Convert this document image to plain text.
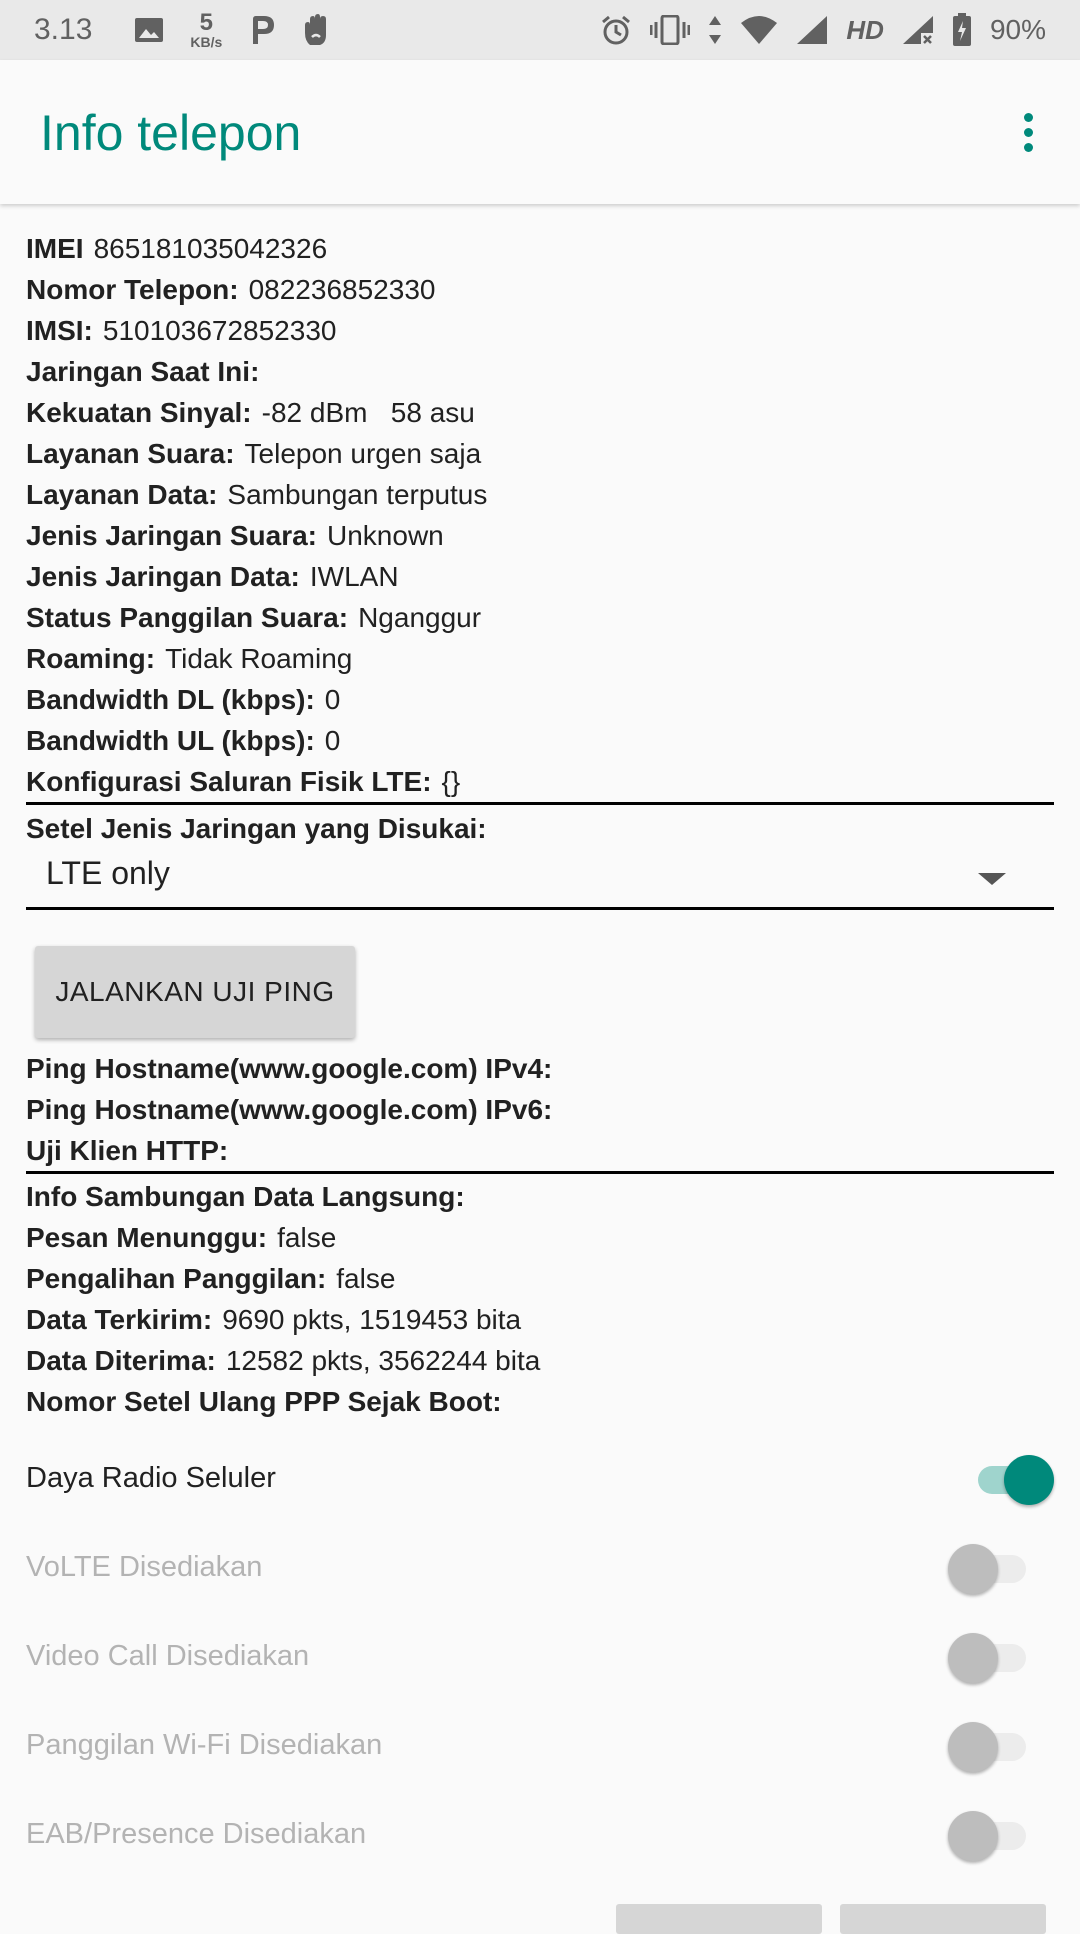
3.13	5
KB/s	HD	90%
Info telepon
IMEI 865181035042326
Nomor Telepon: 082236852330
IMSI: 510103672852330
Jaringan Saat Ini:
Kekuatan Sinyal: -82 dBm   58 asu
Layanan Suara: Telepon urgen saja
Layanan Data: Sambungan terputus
Jenis Jaringan Suara: Unknown
Jenis Jaringan Data: IWLAN
Status Panggilan Suara: Nganggur
Roaming: Tidak Roaming
Bandwidth DL (kbps): 0
Bandwidth UL (kbps): 0
Konfigurasi Saluran Fisik LTE: {}
Setel Jenis Jaringan yang Disukai:
LTE only
JALANKAN UJI PING
Ping Hostname(www.google.com) IPv4:
Ping Hostname(www.google.com) IPv6:
Uji Klien HTTP:
Info Sambungan Data Langsung:
Pesan Menunggu: false
Pengalihan Panggilan: false
Data Terkirim: 9690 pkts, 1519453 bita
Data Diterima: 12582 pkts, 3562244 bita
Nomor Setel Ulang PPP Sejak Boot:
Daya Radio Seluler
VoLTE Disediakan
Video Call Disediakan
Panggilan Wi-Fi Disediakan
EAB/Presence Disediakan
